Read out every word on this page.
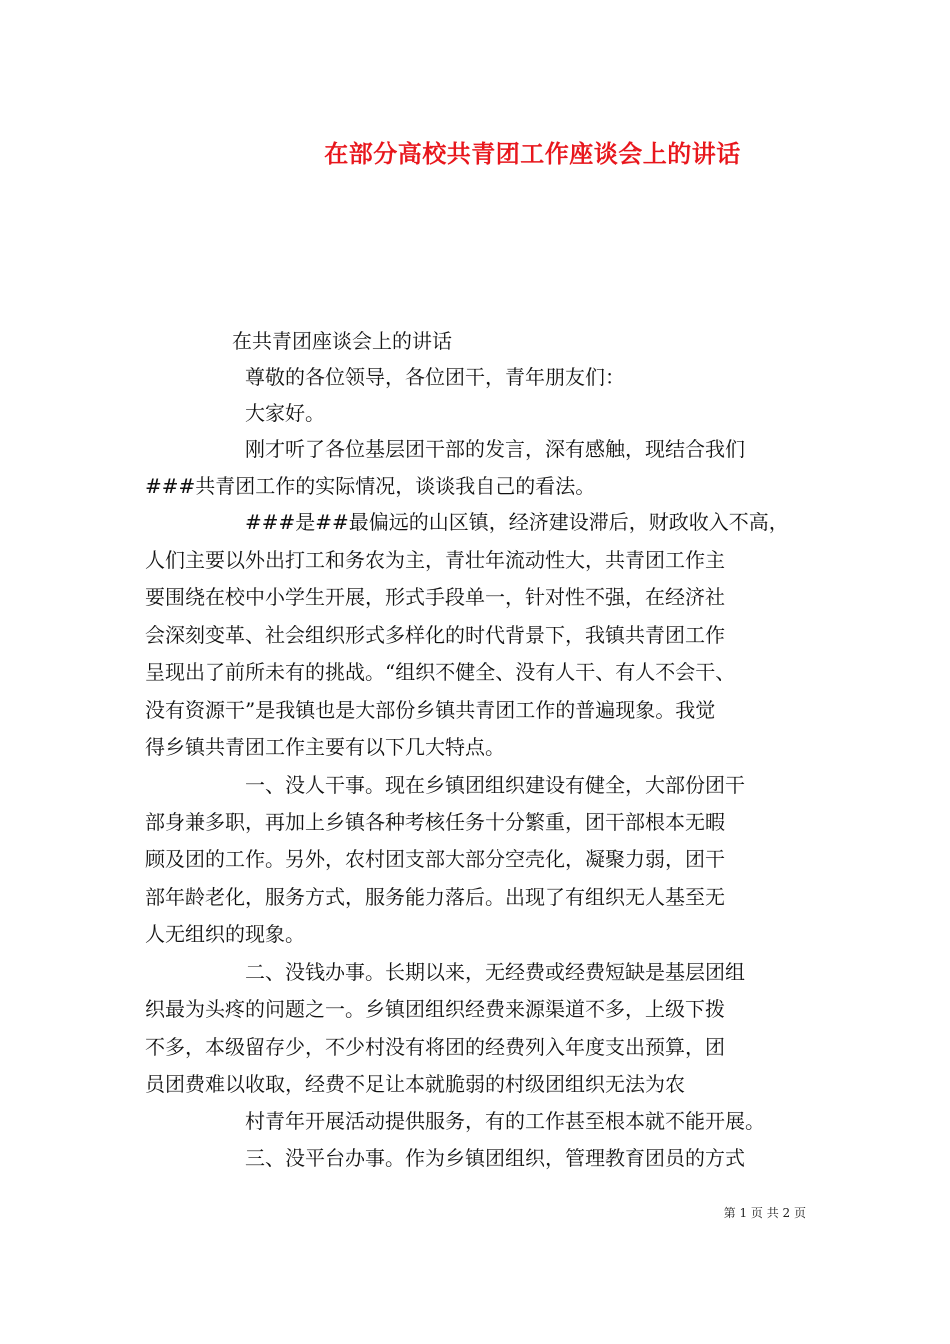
在部分高校共青团工作座谈会上的讲话
在共青团座谈会上的讲话
尊敬的各位领导，各位团干，青年朋友们：
大家好。
刚才听了各位基层团干部的发言，深有感触，现结合我们
###共青团工作的实际情况，谈谈我自己的看法。
###是##最偏远的山区镇，经济建设滞后，财政收入不高，
人们主要以外出打工和务农为主，青壮年流动性大，共青团工作主
要围绕在校中小学生开展，形式手段单一，针对性不强，在经济社
会深刻变革、社会组织形式多样化的时代背景下，我镇共青团工作
呈现出了前所未有的挑战。“组织不健全、没有人干、有人不会干、
没有资源干”是我镇也是大部份乡镇共青团工作的普遍现象。我觉
得乡镇共青团工作主要有以下几大特点。
一、没人干事。现在乡镇团组织建设有健全，大部份团干
部身兼多职，再加上乡镇各种考核任务十分繁重，团干部根本无暇
顾及团的工作。另外，农村团支部大部分空壳化，凝聚力弱，团干
部年龄老化，服务方式，服务能力落后。出现了有组织无人基至无
人无组织的现象。
二、没钱办事。长期以来，无经费或经费短缺是基层团组
织最为头疼的问题之一。乡镇团组织经费来源渠道不多，上级下拨
不多，本级留存少，不少村没有将团的经费列入年度支出预算，团
员团费难以收取，经费不足让本就脆弱的村级团组织无法为农
村青年开展活动提供服务，有的工作甚至根本就不能开展。
三、没平台办事。作为乡镇团组织，管理教育团员的方式
第 1 页 共 2 页
